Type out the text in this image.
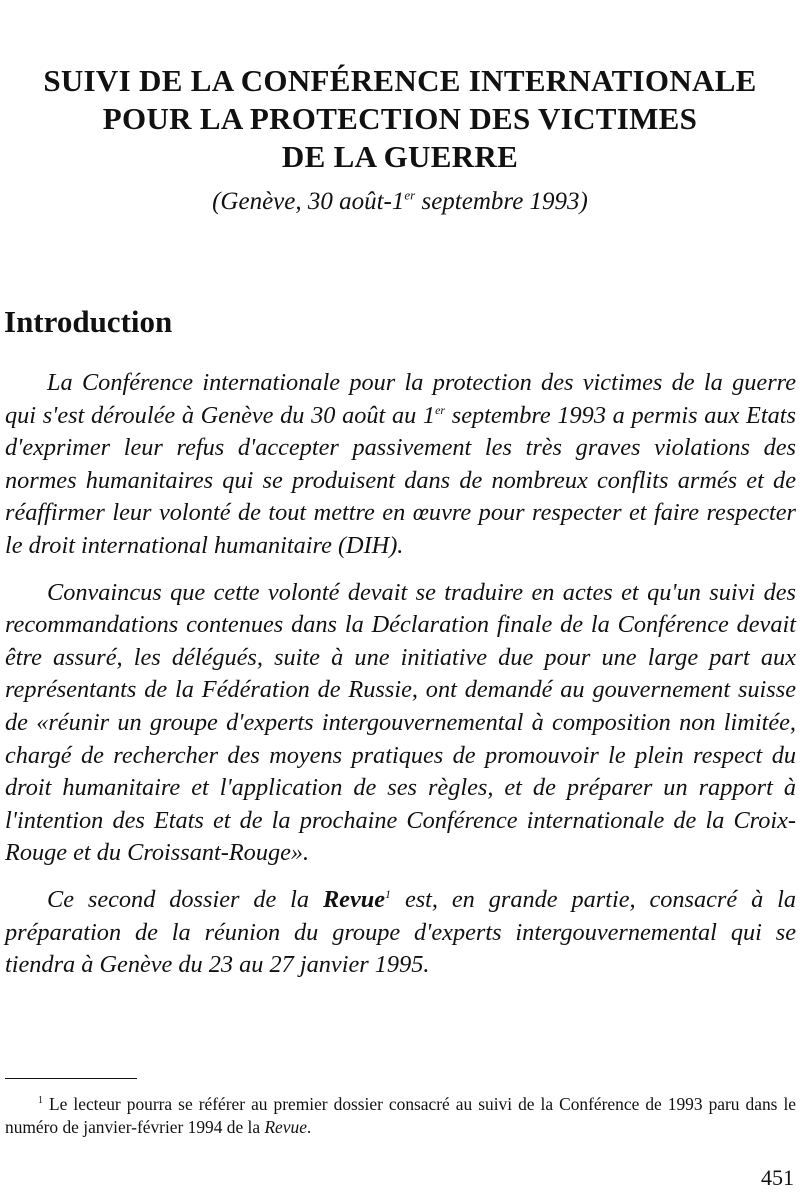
SUIVI DE LA CONFÉRENCE INTERNATIONALE
POUR LA PROTECTION DES VICTIMES
DE LA GUERRE
(Genève, 30 août-1er septembre 1993)
Introduction

La Conférence internationale pour la protection des victimes de la guerre qui s'est déroulée à Genève du 30 août au 1er septembre 1993 a permis aux Etats d'exprimer leur refus d'accepter passivement les très graves violations des normes humanitaires qui se produisent dans de nombreux conflits armés et de réaffirmer leur volonté de tout mettre en œuvre pour respecter et faire respecter le droit international humanitaire (DIH).

Convaincus que cette volonté devait se traduire en actes et qu'un suivi des recommandations contenues dans la Déclaration finale de la Conférence devait être assuré, les délégués, suite à une initiative due pour une large part aux représentants de la Fédération de Russie, ont demandé au gouvernement suisse de «réunir un groupe d'experts intergouvernemental à composition non limitée, chargé de rechercher des moyens pratiques de promouvoir le plein respect du droit humanitaire et l'application de ses règles, et de préparer un rapport à l'intention des Etats et de la prochaine Conférence internationale de la Croix-Rouge et du Croissant-Rouge».

Ce second dossier de la Revue$^1$ est, en grande partie, consacré à la préparation de la réunion du groupe d'experts intergouvernemental qui se tiendra à Genève du 23 au 27 janvier 1995.

$^1$ Le lecteur pourra se référer au premier dossier consacré au suivi de la Conférence de 1993 paru dans le numéro de janvier-février 1994 de la Revue.

451
